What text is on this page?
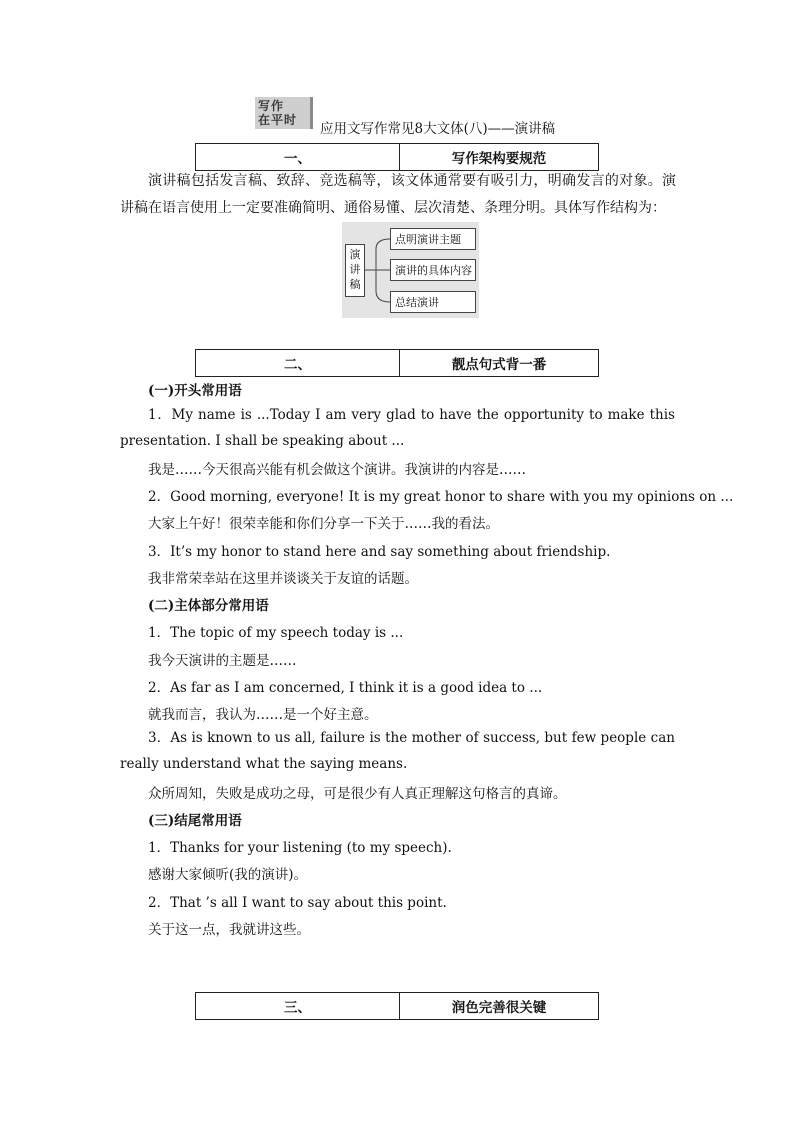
写作
在平时
应用文写作常见8大文体(八)——演讲稿
一、	写作架构要规范
演讲稿包括发言稿、致辞、竞选稿等，该文体通常要有吸引力，明确发言的对象。演讲稿在语言使用上一定要准确简明、通俗易懂、层次清楚、条理分明。具体写作结构为：
演
讲
稿
点明演讲主题
演讲的具体内容
总结演讲
二、	靓点句式背一番
(一)开头常用语
1．My name is ...Today I am very glad to have the opportunity to make this presentation. I shall be speaking about ...
我是……今天很高兴能有机会做这个演讲。我演讲的内容是……
2．Good morning, everyone! It is my great honor to share with you my opinions on ...
大家上午好！很荣幸能和你们分享一下关于……我的看法。
3．It’s my honor to stand here and say something about friendship.
我非常荣幸站在这里并谈谈关于友谊的话题。
(二)主体部分常用语
1．The topic of my speech today is ...
我今天演讲的主题是……
2．As far as I am concerned, I think it is a good idea to ...
就我而言，我认为……是一个好主意。
3．As is known to us all, failure is the mother of success, but few people can really understand what the saying means.
众所周知，失败是成功之母，可是很少有人真正理解这句格言的真谛。
(三)结尾常用语
1．Thanks for your listening (to my speech).
感谢大家倾听(我的演讲)。
2．That ’s all I want to say about this point.
关于这一点，我就讲这些。
三、	润色完善很关键
